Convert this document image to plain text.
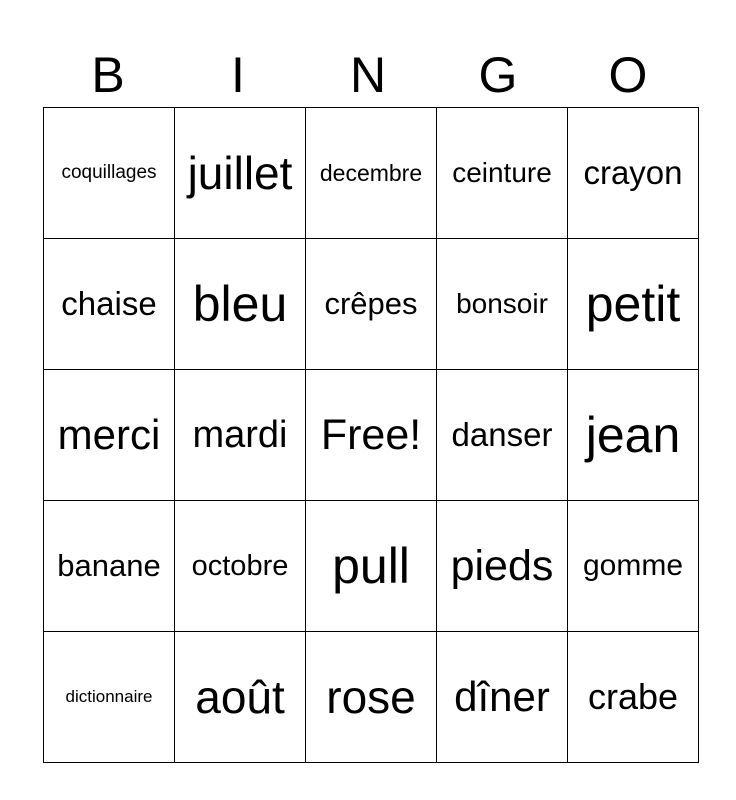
B	I	N	G	O
coquillages	juillet	decembre	ceinture	crayon
chaise	bleu	crêpes	bonsoir	petit
merci	mardi	Free!	danser	jean
banane	octobre	pull	pieds	gomme
dictionnaire	août	rose	dîner	crabe
